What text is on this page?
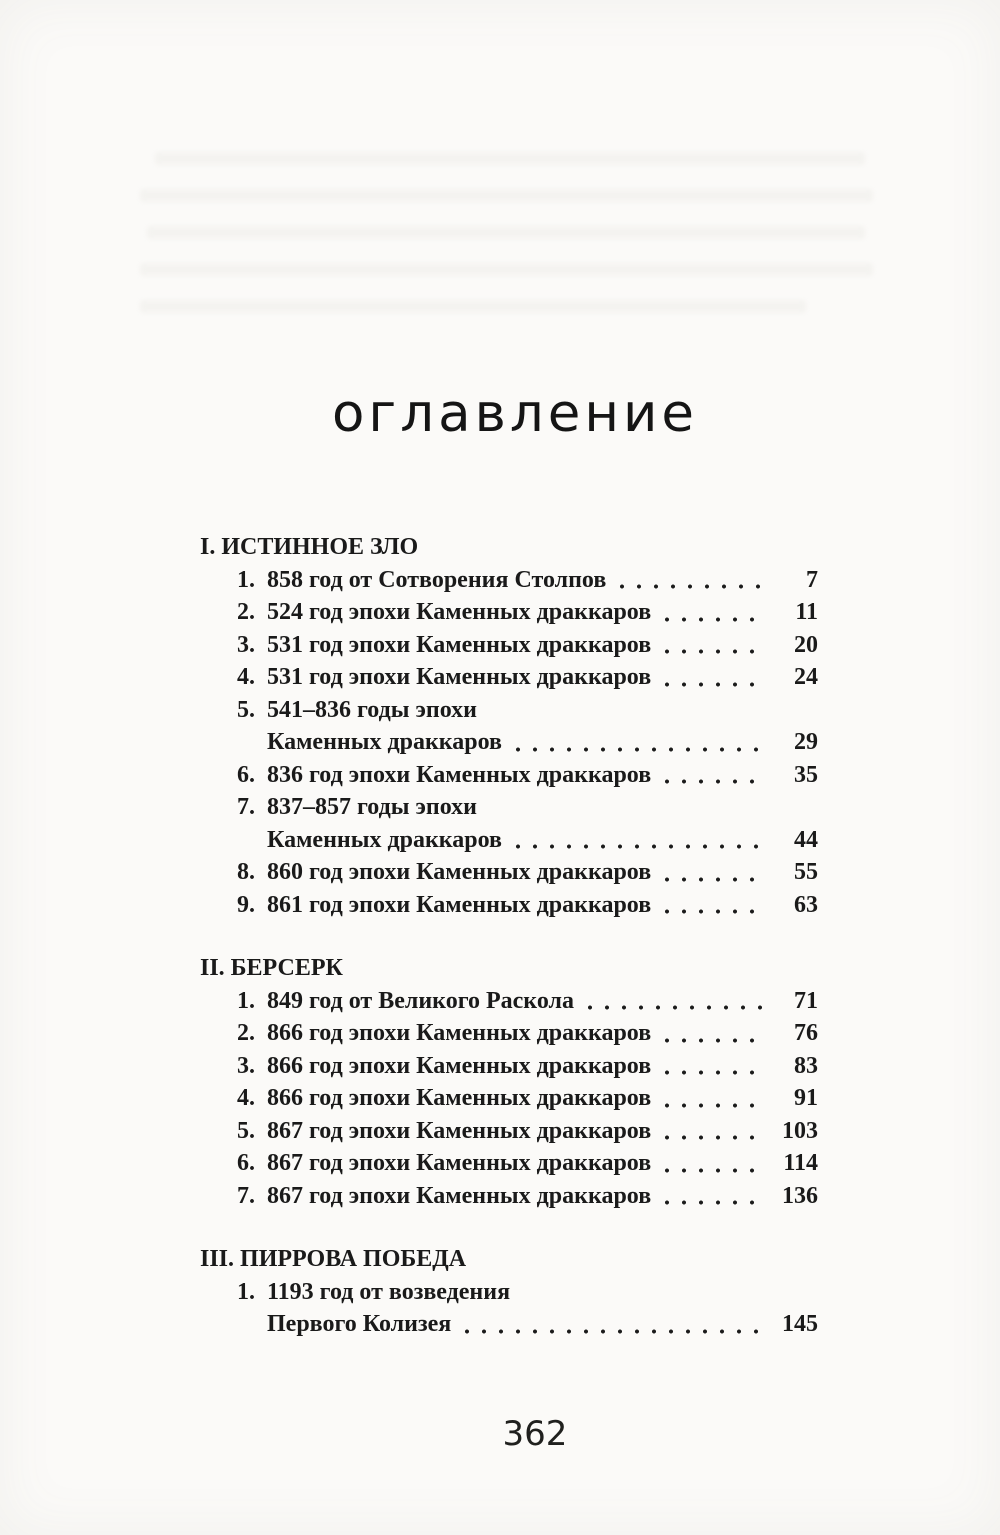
оглавление
I. ИСТИННОЕ ЗЛО
1. 858 год от Сотворения Столпов	7
2. 524 год эпохи Каменных драккаров	11
3. 531 год эпохи Каменных драккаров	20
4. 531 год эпохи Каменных драккаров	24
5. 541–836 годы эпохи
Каменных драккаров	29
6. 836 год эпохи Каменных драккаров	35
7. 837–857 годы эпохи
Каменных драккаров	44
8. 860 год эпохи Каменных драккаров	55
9. 861 год эпохи Каменных драккаров	63
II. БЕРСЕРК
1. 849 год от Великого Раскола	71
2. 866 год эпохи Каменных драккаров	76
3. 866 год эпохи Каменных драккаров	83
4. 866 год эпохи Каменных драккаров	91
5. 867 год эпохи Каменных драккаров	103
6. 867 год эпохи Каменных драккаров	114
7. 867 год эпохи Каменных драккаров	136
III. ПИРРОВА ПОБЕДА
1. 1193 год от возведения
Первого Колизея	145
362
